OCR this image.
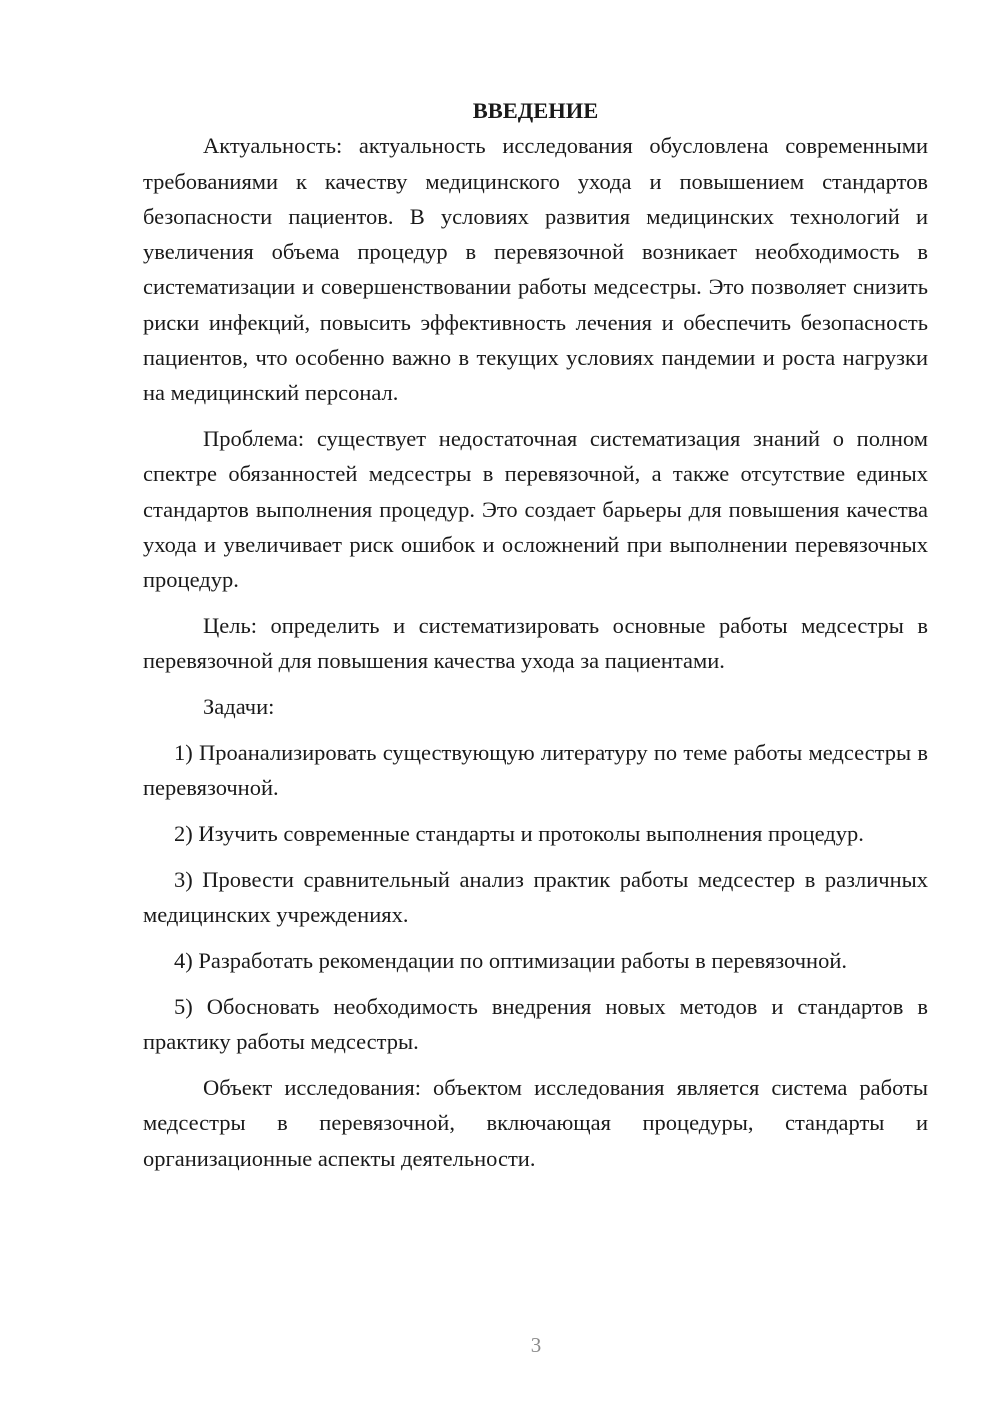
ВВЕДЕНИЕ

Актуальность: актуальность исследования обусловлена современными требованиями к качеству медицинского ухода и повышением стандартов безопасности пациентов. В условиях развития медицинских технологий и увеличения объема процедур в перевязочной возникает необходимость в систематизации и совершенствовании работы медсестры. Это позволяет снизить риски инфекций, повысить эффективность лечения и обеспечить безопасность пациентов, что особенно важно в текущих условиях пандемии и роста нагрузки на медицинский персонал.

Проблема: существует недостаточная систематизация знаний о полном спектре обязанностей медсестры в перевязочной, а также отсутствие единых стандартов выполнения процедур. Это создает барьеры для повышения качества ухода и увеличивает риск ошибок и осложнений при выполнении перевязочных процедур.

Цель: определить и систематизировать основные работы медсестры в перевязочной для повышения качества ухода за пациентами.

Задачи:

1) Проанализировать существующую литературу по теме работы медсестры в перевязочной.

2) Изучить современные стандарты и протоколы выполнения процедур.

3) Провести сравнительный анализ практик работы медсестер в различных медицинских учреждениях.

4) Разработать рекомендации по оптимизации работы в перевязочной.

5) Обосновать необходимость внедрения новых методов и стандартов в практику работы медсестры.

Объект исследования: объектом исследования является система работы медсестры в перевязочной, включающая процедуры, стандарты и организационные аспекты деятельности.

3
